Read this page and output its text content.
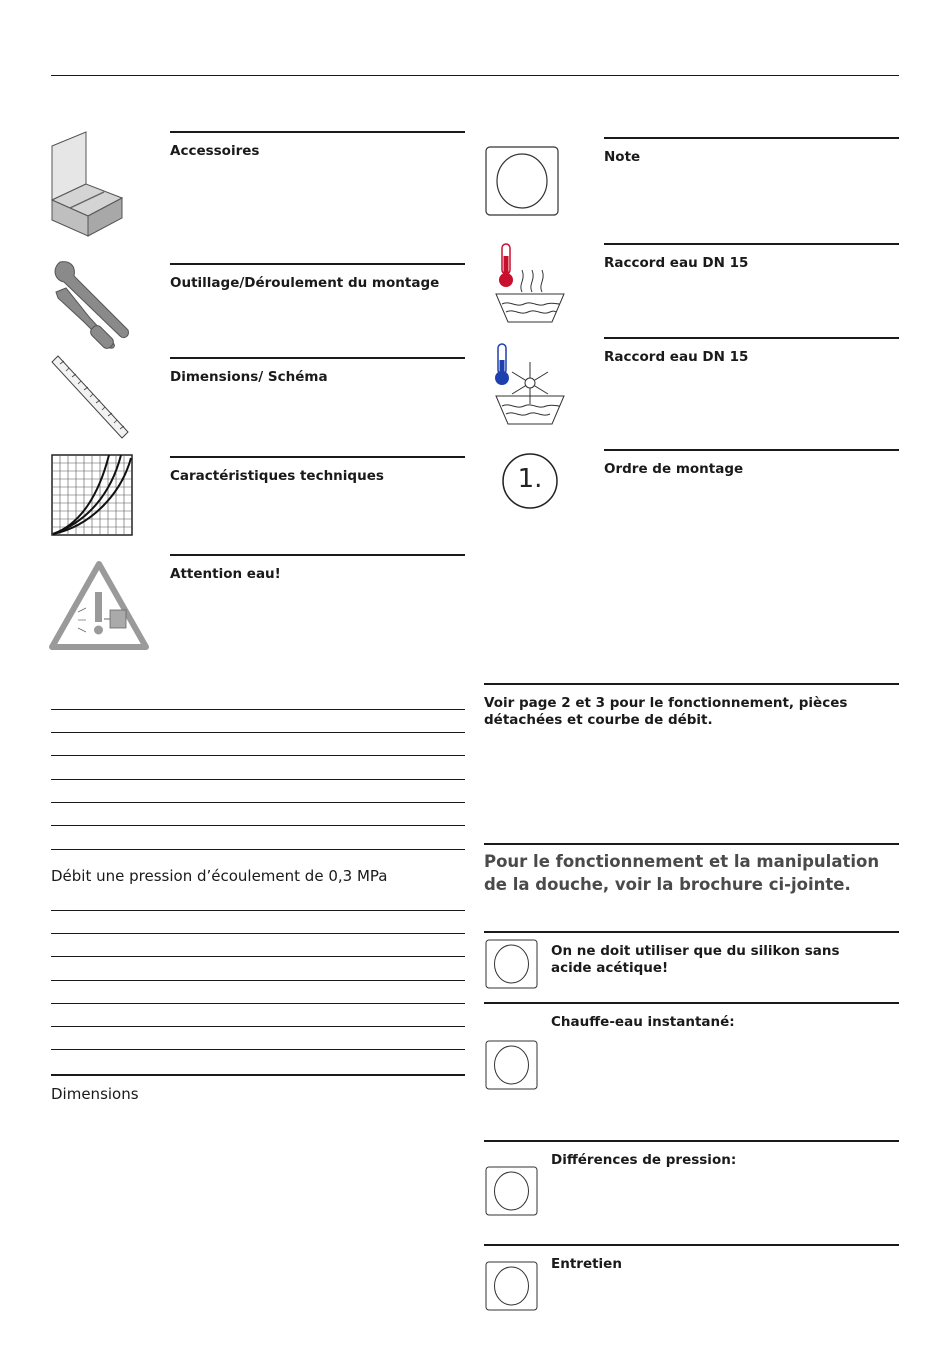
Accessoires
Outillage/Déroulement du montage
Dimensions/ Schéma
Caractéristiques techniques
Attention eau!
Débit une pression d’écoulement de 0,3 MPa
Dimensions
Note
Raccord eau DN 15
Raccord eau DN 15
1.	Ordre de montage
Voir page 2 et 3 pour le fonctionnement, pièces détachées et courbe de débit.
Pour le fonctionnement et la manipulation de la douche, voir la brochure ci-jointe.
On ne doit utiliser que du silikon sans acide acétique!
Chauffe-eau instantané:
Différences de pression:
Entretien
